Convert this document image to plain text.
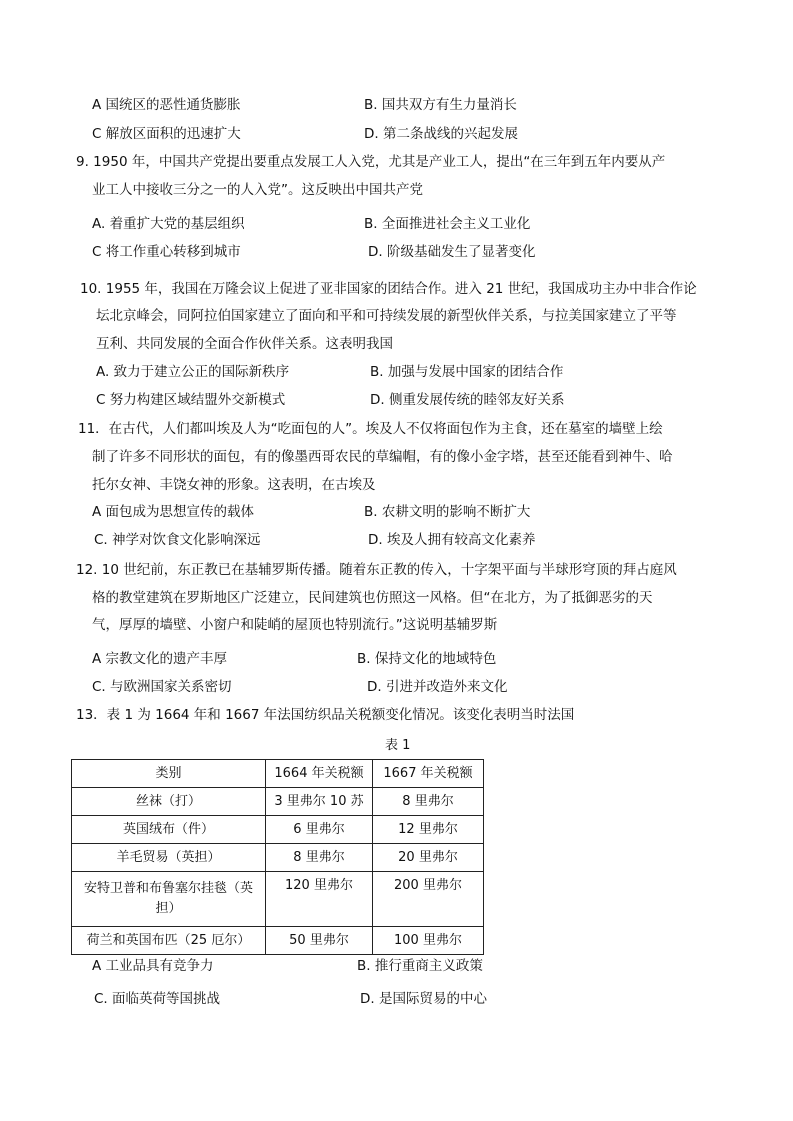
A 国统区的恶性通货膨胀	B. 国共双方有生力量消长
C 解放区面积的迅速扩大	D. 第二条战线的兴起发展
9. 1950 年，中国共产党提出要重点发展工人入党，尤其是产业工人，提出“在三年到五年内要从产
业工人中接收三分之一的人入党”。这反映出中国共产党
A. 着重扩大党的基层组织	B. 全面推进社会主义工业化
C 将工作重心转移到城市	D. 阶级基础发生了显著变化
10. 1955 年，我国在万隆会议上促进了亚非国家的团结合作。进入 21 世纪，我国成功主办中非合作论
坛北京峰会，同阿拉伯国家建立了面向和平和可持续发展的新型伙伴关系，与拉美国家建立了平等
互利、共同发展的全面合作伙伴关系。这表明我国
A. 致力于建立公正的国际新秩序	B. 加强与发展中国家的团结合作
C 努力构建区域结盟外交新模式	D. 侧重发展传统的睦邻友好关系
11．在古代，人们都叫埃及人为“吃面包的人”。埃及人不仅将面包作为主食，还在墓室的墙壁上绘
制了许多不同形状的面包，有的像墨西哥农民的草编帽，有的像小金字塔，甚至还能看到神牛、哈
托尔女神、丰饶女神的形象。这表明，在古埃及
A 面包成为思想宣传的载体	B. 农耕文明的影响不断扩大
C. 神学对饮食文化影响深远	D. 埃及人拥有较高文化素养
12. 10 世纪前，东正教已在基辅罗斯传播。随着东正教的传入，十字架平面与半球形穹顶的拜占庭风
格的教堂建筑在罗斯地区广泛建立，民间建筑也仿照这一风格。但“在北方，为了抵御恶劣的天
气，厚厚的墙壁、小窗户和陡峭的屋顶也特别流行。”这说明基辅罗斯
A 宗教文化的遗产丰厚	B. 保持文化的地域特色
C. 与欧洲国家关系密切	D. 引进并改造外来文化
13．表 1 为 1664 年和 1667 年法国纺织品关税额变化情况。该变化表明当时法国
表 1
类别	1664 年关税额	1667 年关税额
丝袜（打）	3 里弗尔 10 苏	8 里弗尔
英国绒布（件）	6 里弗尔	12 里弗尔
羊毛贸易（英担）	8 里弗尔	20 里弗尔
安特卫普和布鲁塞尔挂毯（英担）	120 里弗尔	200 里弗尔
荷兰和英国布匹（25 厄尔）	50 里弗尔	100 里弗尔
A 工业品具有竞争力	B. 推行重商主义政策
C. 面临英荷等国挑战	D. 是国际贸易的中心
